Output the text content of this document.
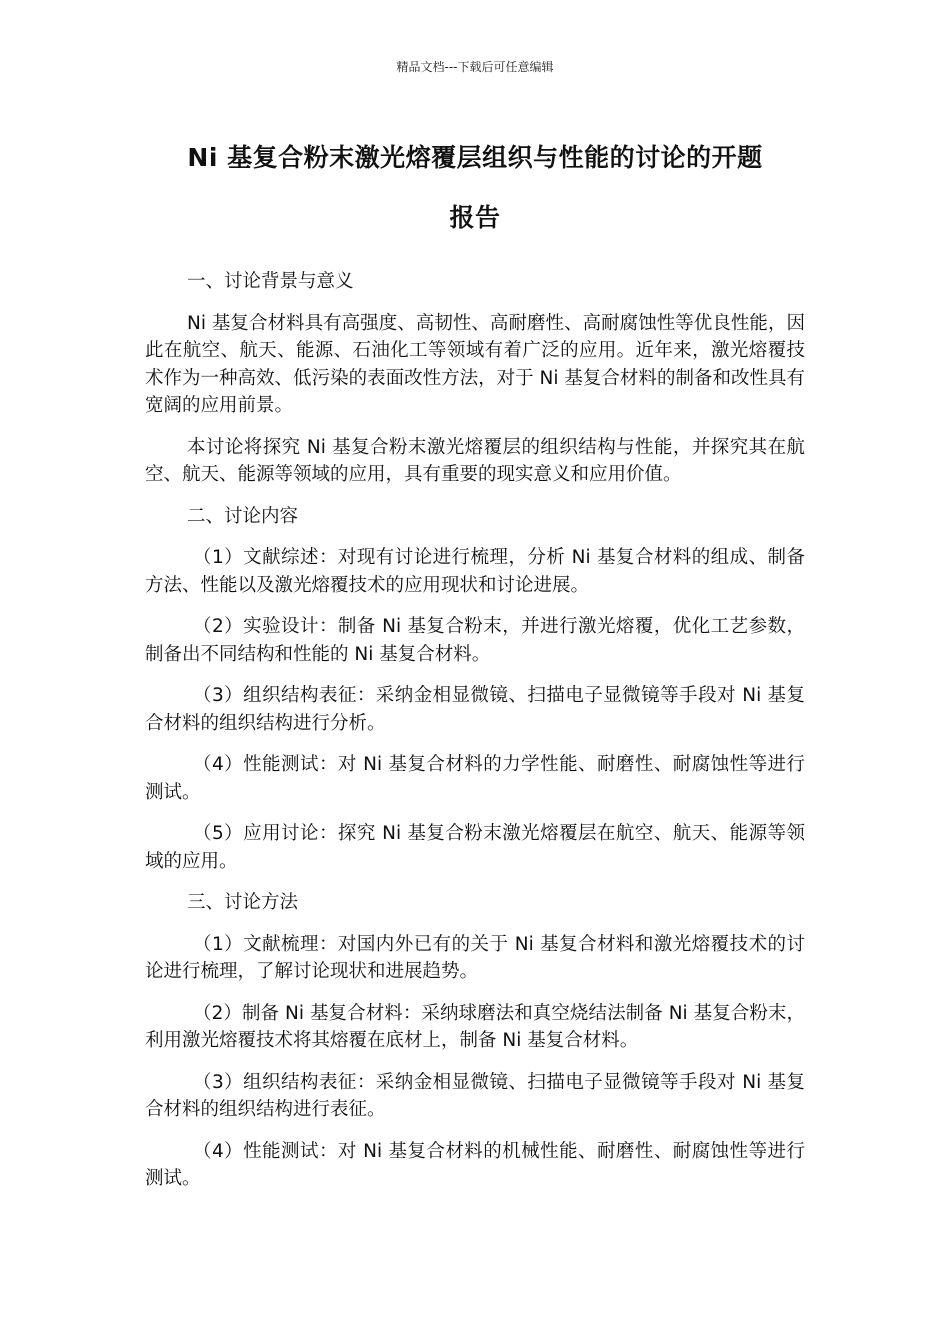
精品文档---下载后可任意编辑
Ni 基复合粉末激光熔覆层组织与性能的讨论的开题
报告
一、讨论背景与意义

Ni 基复合材料具有高强度、高韧性、高耐磨性、高耐腐蚀性等优良性能，因此在航空、航天、能源、石油化工等领域有着广泛的应用。近年来，激光熔覆技术作为一种高效、低污染的表面改性方法，对于 Ni 基复合材料的制备和改性具有宽阔的应用前景。

本讨论将探究 Ni 基复合粉末激光熔覆层的组织结构与性能，并探究其在航空、航天、能源等领域的应用，具有重要的现实意义和应用价值。

二、讨论内容

（1）文献综述：对现有讨论进行梳理，分析 Ni 基复合材料的组成、制备方法、性能以及激光熔覆技术的应用现状和讨论进展。

（2）实验设计：制备 Ni 基复合粉末，并进行激光熔覆，优化工艺参数，制备出不同结构和性能的 Ni 基复合材料。

（3）组织结构表征：采纳金相显微镜、扫描电子显微镜等手段对 Ni 基复合材料的组织结构进行分析。

（4）性能测试：对 Ni 基复合材料的力学性能、耐磨性、耐腐蚀性等进行测试。

（5）应用讨论：探究 Ni 基复合粉末激光熔覆层在航空、航天、能源等领域的应用。

三、讨论方法

（1）文献梳理：对国内外已有的关于 Ni 基复合材料和激光熔覆技术的讨论进行梳理，了解讨论现状和进展趋势。

（2）制备 Ni 基复合材料：采纳球磨法和真空烧结法制备 Ni 基复合粉末，利用激光熔覆技术将其熔覆在底材上，制备 Ni 基复合材料。

（3）组织结构表征：采纳金相显微镜、扫描电子显微镜等手段对 Ni 基复合材料的组织结构进行表征。

（4）性能测试：对 Ni 基复合材料的机械性能、耐磨性、耐腐蚀性等进行测试。
